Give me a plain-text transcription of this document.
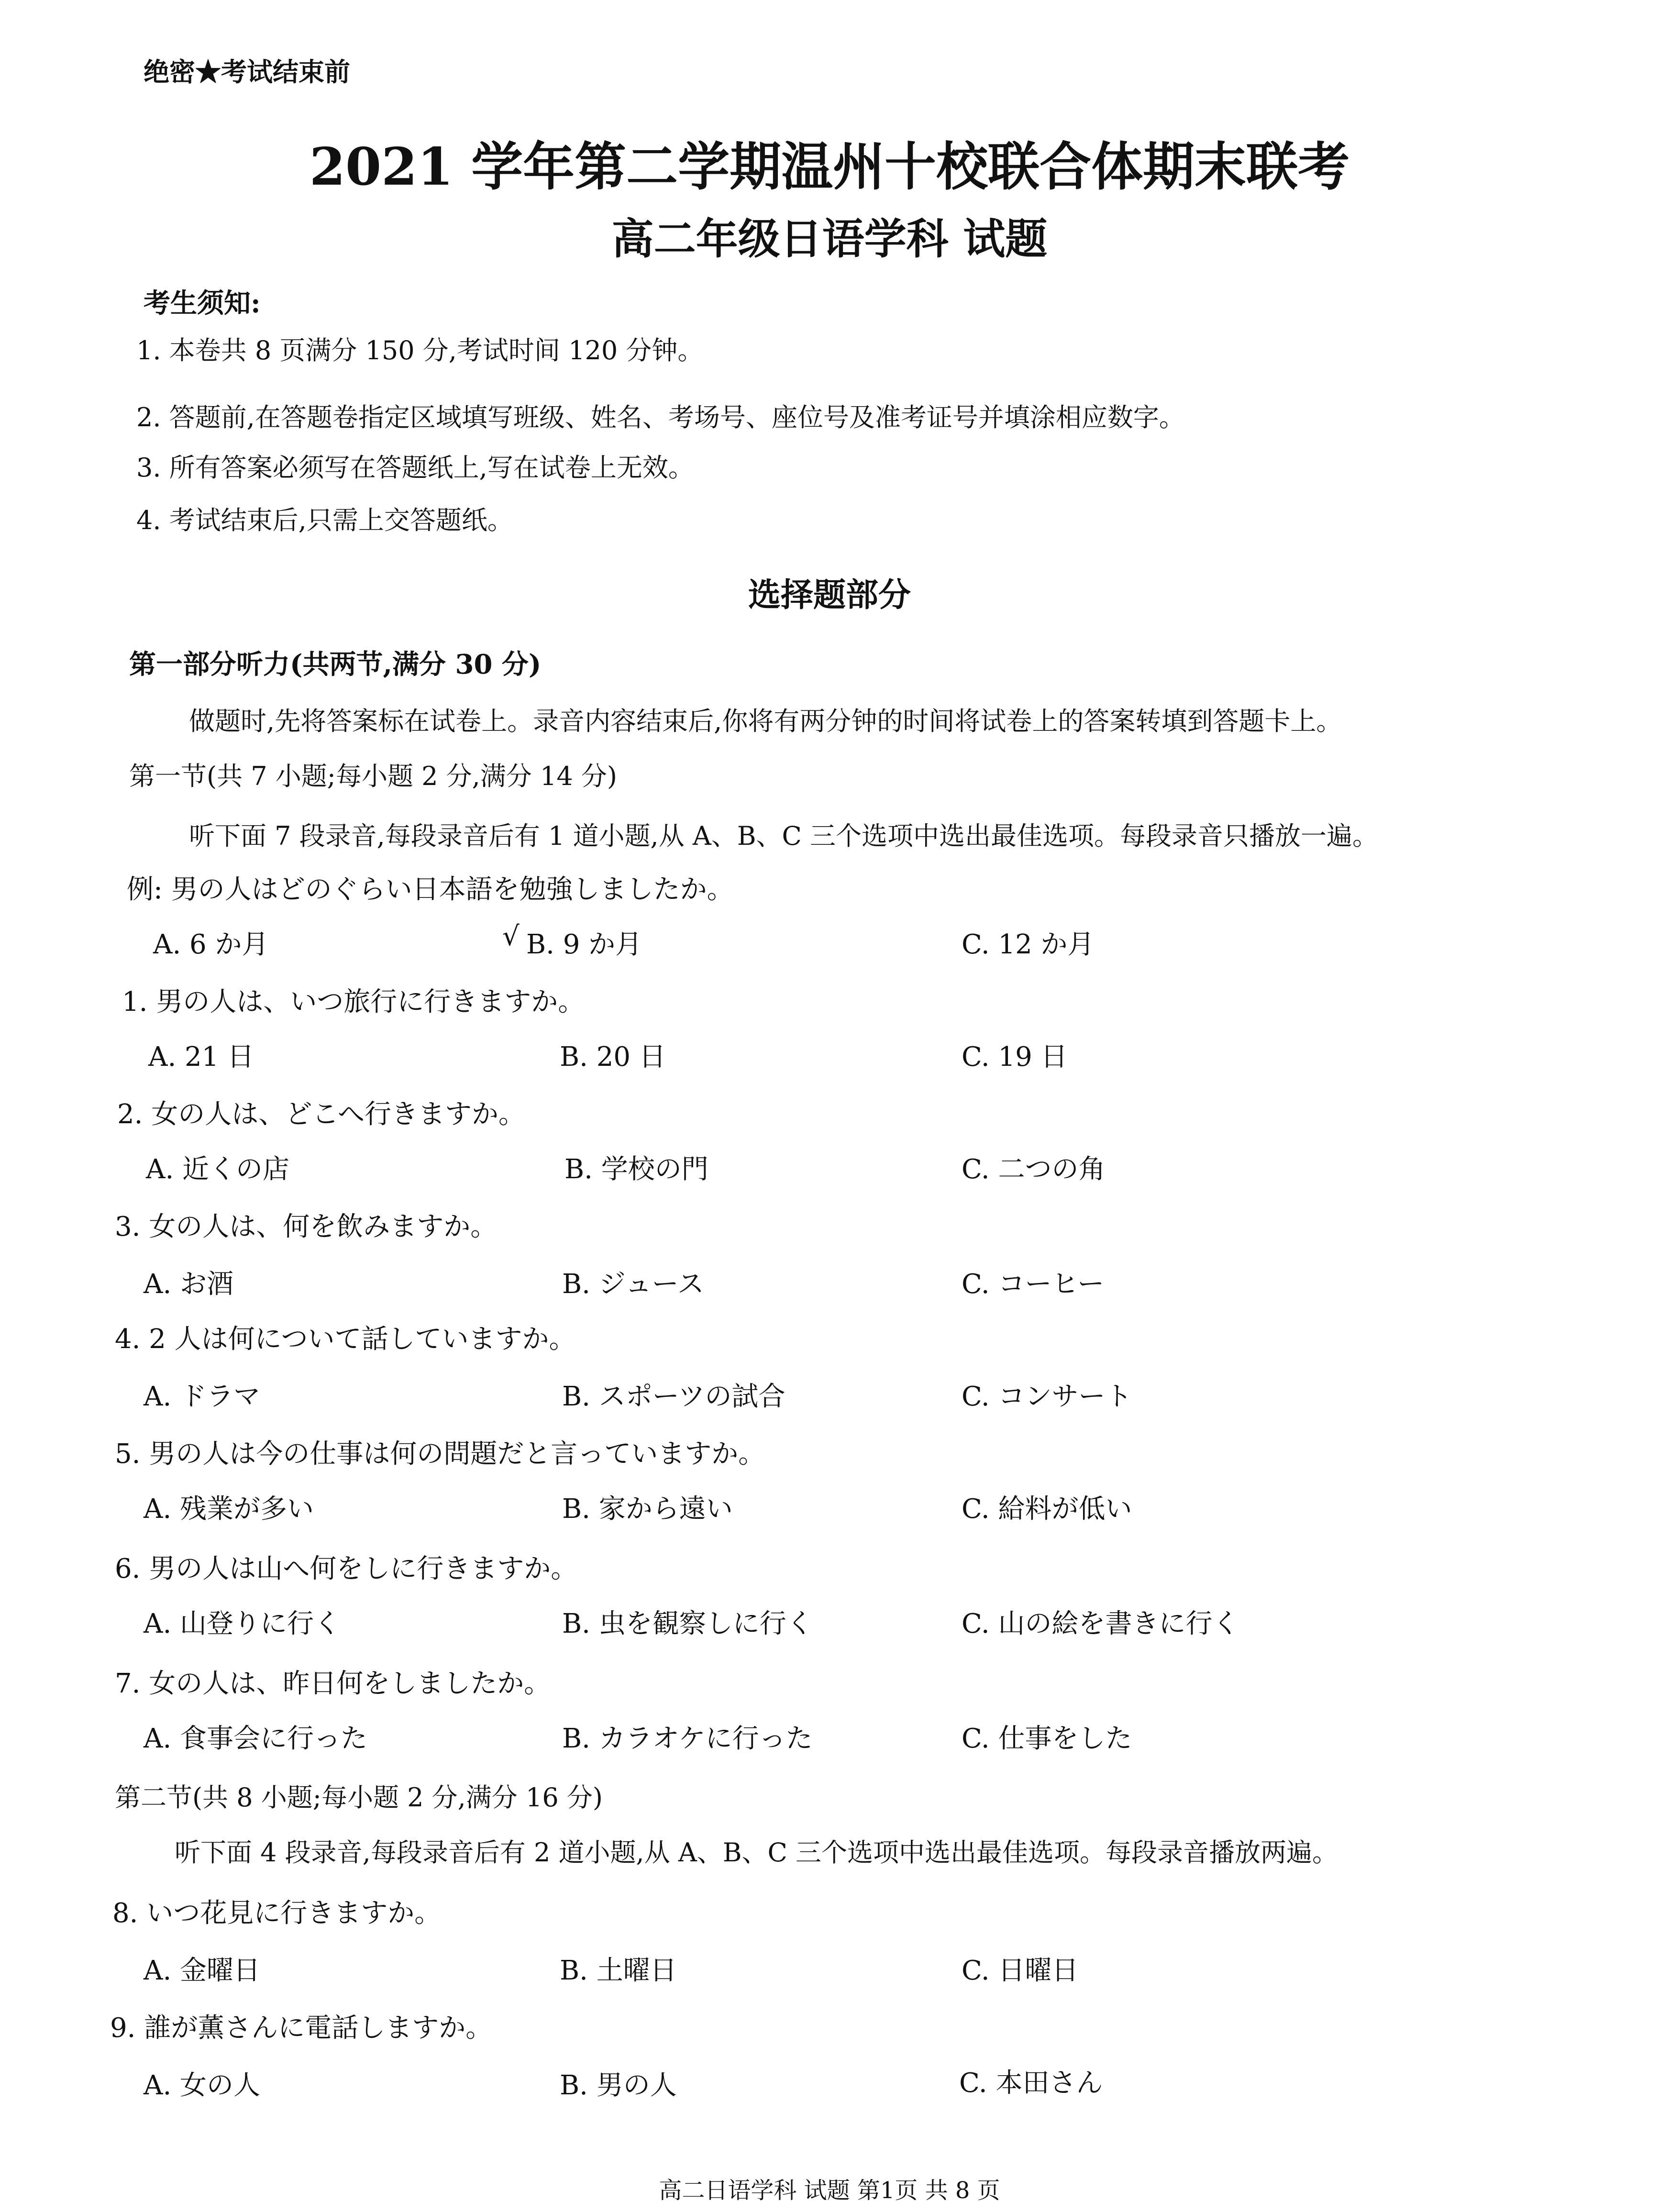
绝密★考试结束前
2021 学年第二学期温州十校联合体期末联考
高二年级日语学科 试题
考生须知:
1. 本卷共 8 页满分 150 分,考试时间 120 分钟。
2. 答题前,在答题卷指定区域填写班级、姓名、考场号、座位号及准考证号并填涂相应数字。
3. 所有答案必须写在答题纸上,写在试卷上无效。
4. 考试结束后,只需上交答题纸。
选择题部分
第一部分听力(共两节,满分 30 分)
做题时,先将答案标在试卷上。录音内容结束后,你将有两分钟的时间将试卷上的答案转填到答题卡上。
第一节(共 7 小题;每小题 2 分,满分 14 分)
听下面 7 段录音,每段录音后有 1 道小题,从 A、B、C 三个选项中选出最佳选项。每段录音只播放一遍。
例: 男の人はどのぐらい日本語を勉強しましたか。
A. 6 か月	√ B. 9 か月	C. 12 か月
1. 男の人は、いつ旅行に行きますか。
A. 21 日	B. 20 日	C. 19 日
2. 女の人は、どこへ行きますか。
A. 近くの店	B. 学校の門	C. 二つの角
3. 女の人は、何を飲みますか。
A. お酒	B. ジュース	C. コーヒー
4. 2 人は何について話していますか。
A. ドラマ	B. スポーツの試合	C. コンサート
5. 男の人は今の仕事は何の問題だと言っていますか。
A. 残業が多い	B. 家から遠い	C. 給料が低い
6. 男の人は山へ何をしに行きますか。
A. 山登りに行く	B. 虫を観察しに行く	C. 山の絵を書きに行く
7. 女の人は、昨日何をしましたか。
A. 食事会に行った	B. カラオケに行った	C. 仕事をした
第二节(共 8 小题;每小题 2 分,满分 16 分)
听下面 4 段录音,每段录音后有 2 道小题,从 A、B、C 三个选项中选出最佳选项。每段录音播放两遍。
8. いつ花見に行きますか。
A. 金曜日	B. 土曜日	C. 日曜日
9. 誰が薫さんに電話しますか。
A. 女の人	B. 男の人	C. 本田さん
高二日语学科 试题 第1页 共 8 页
